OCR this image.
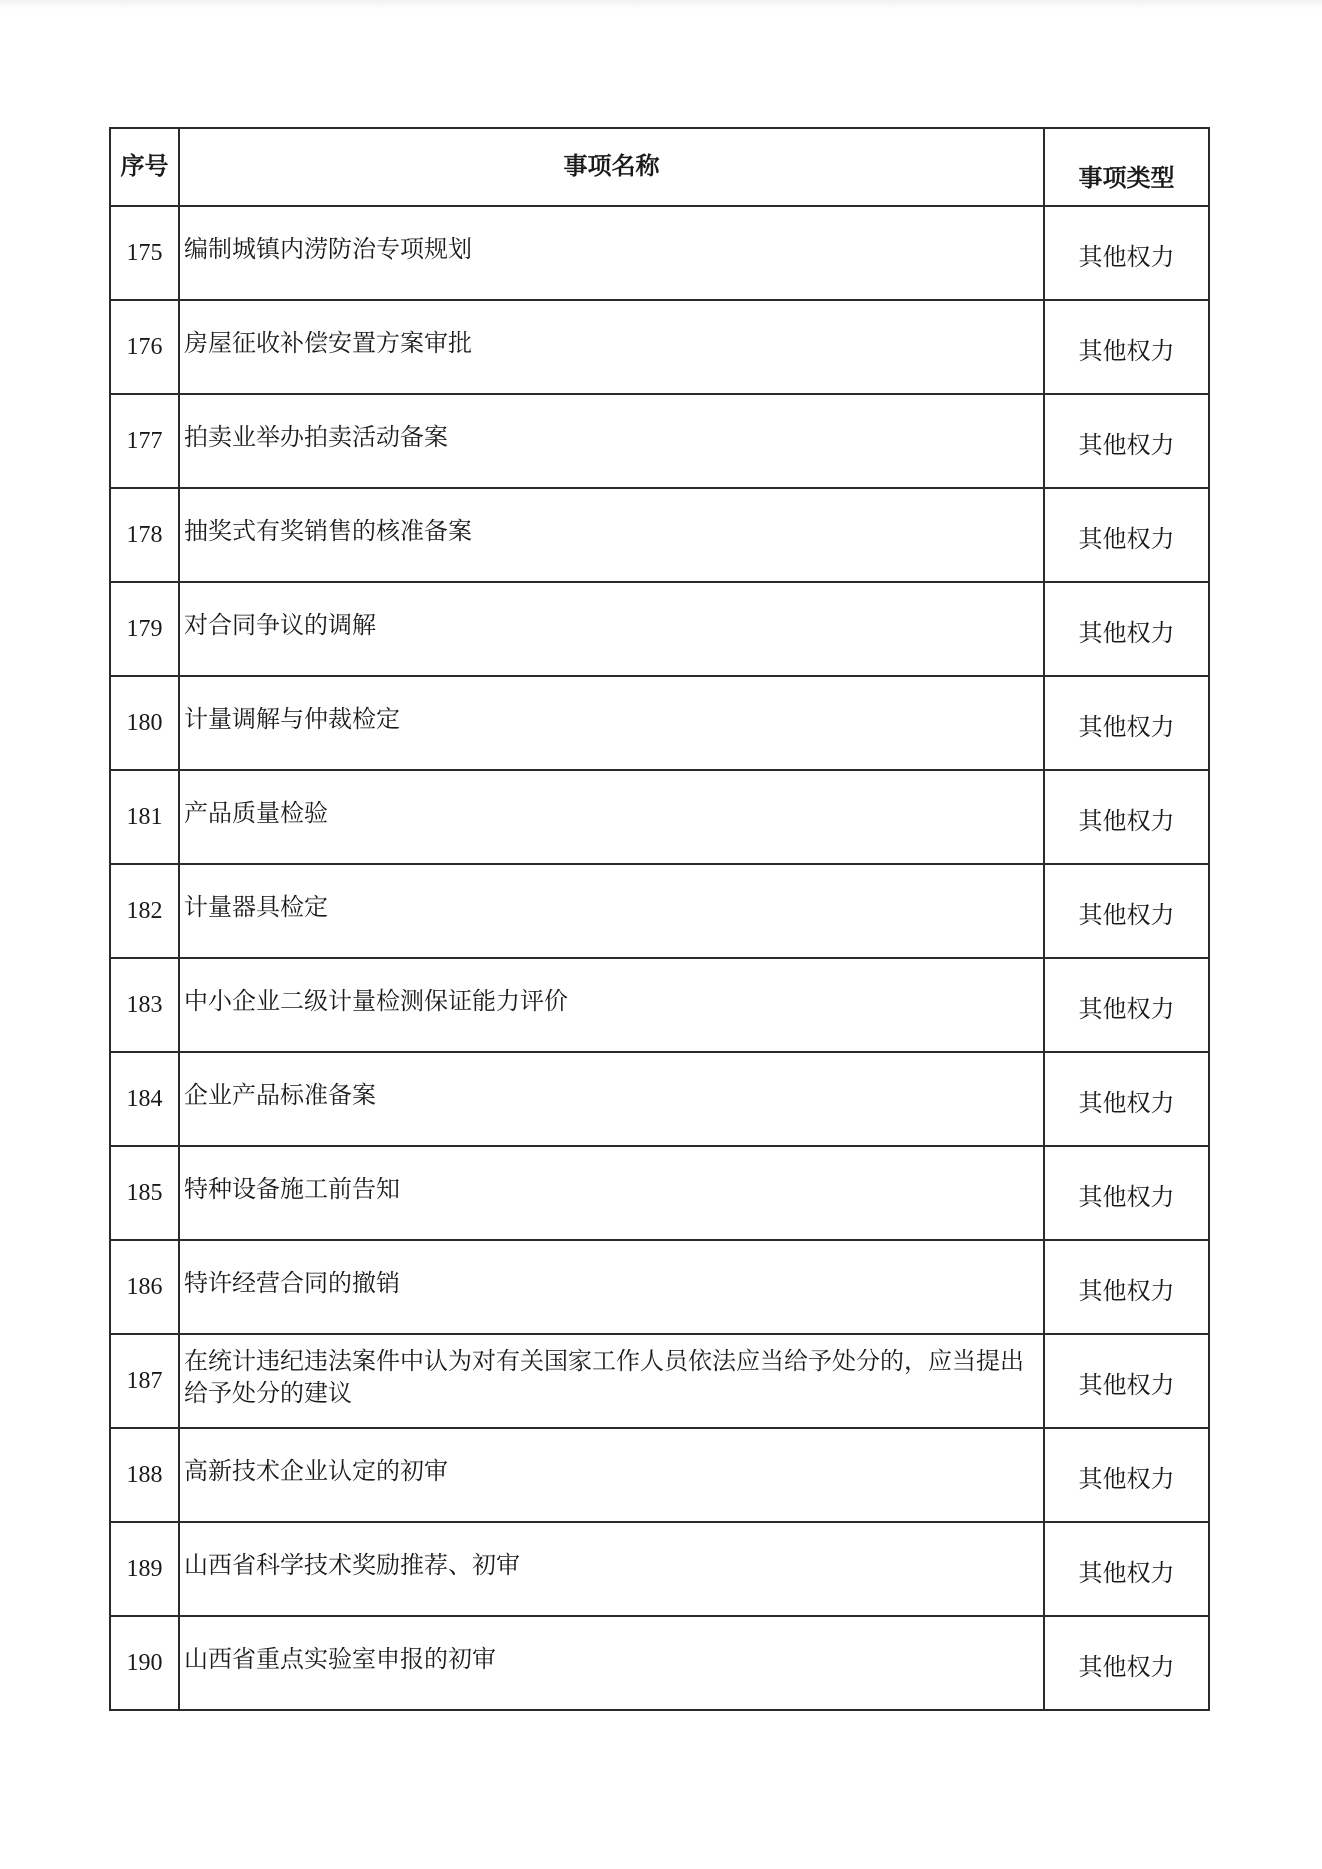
序号	事项名称	事项类型

175	编制城镇内涝防治专项规划	其他权力

176	房屋征收补偿安置方案审批	其他权力

177	拍卖业举办拍卖活动备案	其他权力

178	抽奖式有奖销售的核准备案	其他权力

179	对合同争议的调解	其他权力

180	计量调解与仲裁检定	其他权力

181	产品质量检验	其他权力

182	计量器具检定	其他权力

183	中小企业二级计量检测保证能力评价	其他权力

184	企业产品标准备案	其他权力

185	特种设备施工前告知	其他权力

186	特许经营合同的撤销	其他权力

187	在统计违纪违法案件中认为对有关国家工作人员依法应当给予处分的，应当提出给予处分的建议	其他权力

188	高新技术企业认定的初审	其他权力

189	山西省科学技术奖励推荐、初审	其他权力

190	山西省重点实验室申报的初审	其他权力
